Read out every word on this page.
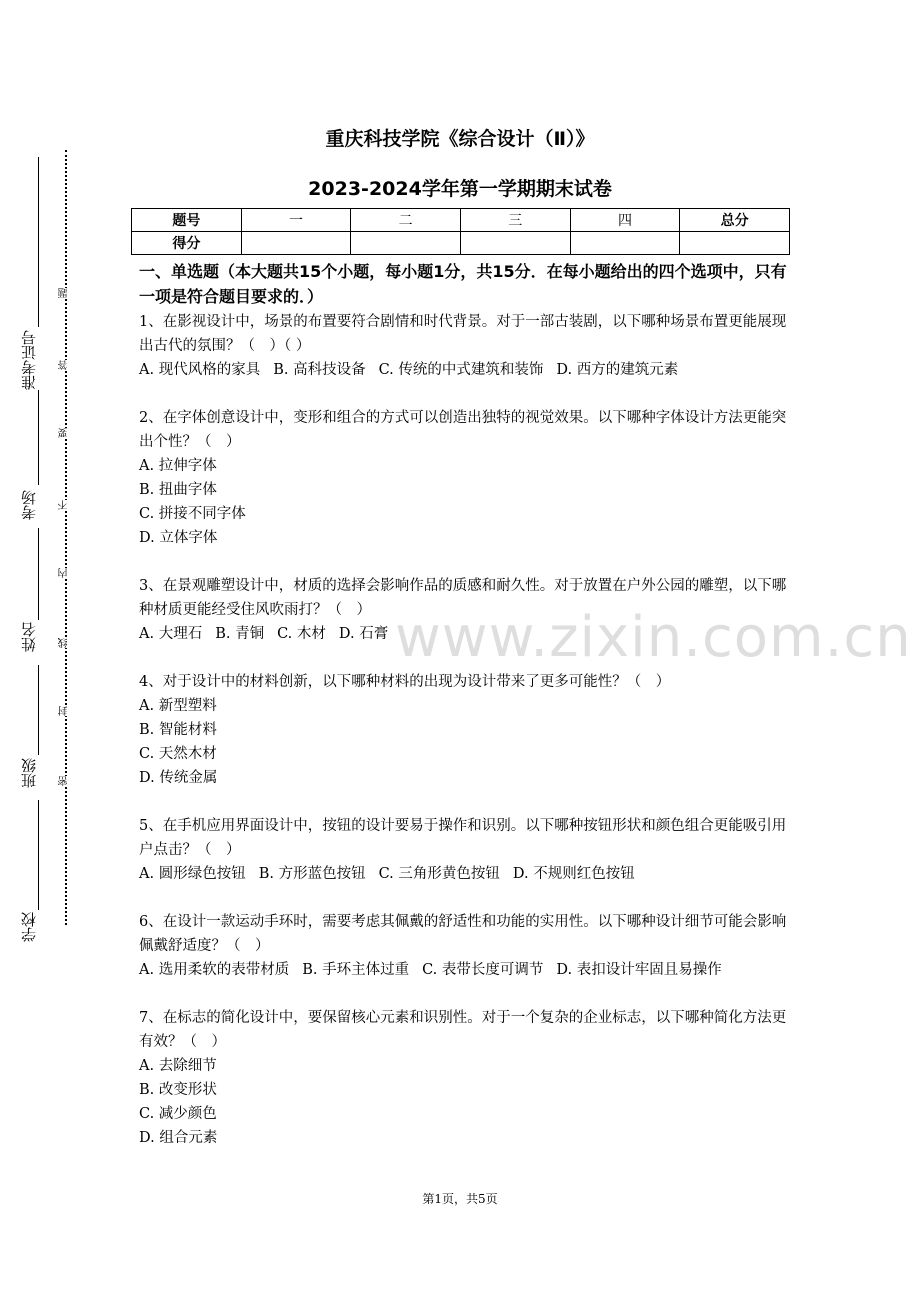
准考证号
考场
姓名
班级
学校
题
答
要
不
内
线
封
密
重庆科技学院《综合设计（Ⅱ）》
2023-2024学年第一学期期末试卷
题号	一	二	三	四	总分
得分					
一、单选题（本大题共15个小题，每小题1分，共15分．在每小题给出的四个选项中，只有一项是符合题目要求的．）
1、在影视设计中，场景的布置要符合剧情和时代背景。对于一部古装剧，以下哪种场景布置更能展现出古代的氛围？（　）（ ）
A. 现代风格的家具 B. 高科技设备 C. 传统的中式建筑和装饰 D. 西方的建筑元素
2、在字体创意设计中，变形和组合的方式可以创造出独特的视觉效果。以下哪种字体设计方法更能突出个性？（　）
A. 拉伸字体
B. 扭曲字体
C. 拼接不同字体
D. 立体字体
3、在景观雕塑设计中，材质的选择会影响作品的质感和耐久性。对于放置在户外公园的雕塑，以下哪种材质更能经受住风吹雨打？（　）
A. 大理石 B. 青铜 C. 木材 D. 石膏
4、对于设计中的材料创新，以下哪种材料的出现为设计带来了更多可能性？（　）
A. 新型塑料
B. 智能材料
C. 天然木材
D. 传统金属
5、在手机应用界面设计中，按钮的设计要易于操作和识别。以下哪种按钮形状和颜色组合更能吸引用户点击？（　）
A. 圆形绿色按钮 B. 方形蓝色按钮 C. 三角形黄色按钮 D. 不规则红色按钮
6、在设计一款运动手环时，需要考虑其佩戴的舒适性和功能的实用性。以下哪种设计细节可能会影响佩戴舒适度？（　）
A. 选用柔软的表带材质 B. 手环主体过重 C. 表带长度可调节 D. 表扣设计牢固且易操作
7、在标志的简化设计中，要保留核心元素和识别性。对于一个复杂的企业标志，以下哪种简化方法更有效？（　）
A. 去除细节
B. 改变形状
C. 减少颜色
D. 组合元素
www.zixin.com.cn
第1页，共5页
